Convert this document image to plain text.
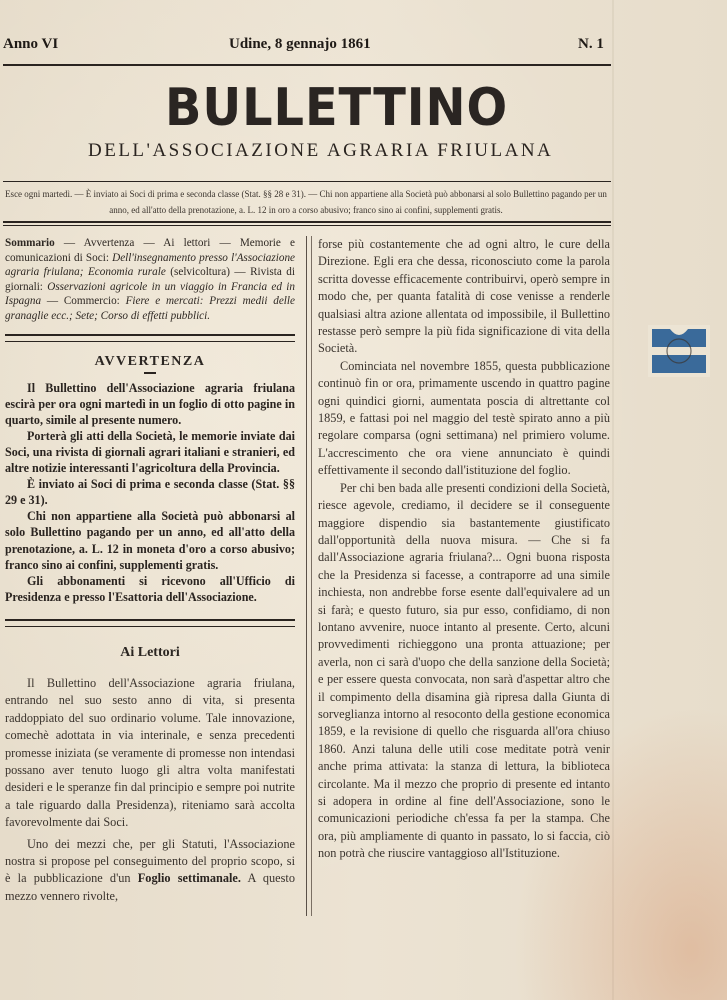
Anno VI	Udine, 8 gennajo 1861	N. 1
BULLETTINO
DELL'ASSOCIAZIONE AGRARIA FRIULANA
Esce ogni martedì. — È inviato ai Soci di prima e seconda classe (Stat. §§ 28 e 31). — Chi non appartiene alla Società può abbonarsi al solo Bullettino pagando per un anno, ed all'atto della prenotazione, a. L. 12 in oro a corso abusivo; franco sino ai confini, supplementi gratis.

Sommario — Avvertenza — Ai lettori — Memorie e comunicazioni di Soci: Dell'insegnamento presso l'Associazione agraria friulana; Economia rurale (selvicoltura) — Rivista di giornali: Osservazioni agricole in un viaggio in Francia ed in Ispagna — Commercio: Fiere e mercati: Prezzi medii delle granaglie ecc.; Sete; Corso di effetti pubblici.

AVVERTENZA

Il Bullettino dell'Associazione agraria friulana escirà per ora ogni martedì in un foglio di otto pagine in quarto, simile al presente numero.

Porterà gli atti della Società, le memorie inviate dai Soci, una rivista di giornali agrari italiani e stranieri, ed altre notizie interessanti l'agricoltura della Provincia.

È inviato ai Soci di prima e seconda classe (Stat. §§ 29 e 31).

Chi non appartiene alla Società può abbonarsi al solo Bullettino pagando per un anno, ed all'atto della prenotazione, a. L. 12 in moneta d'oro a corso abusivo; franco sino ai confini, supplementi gratis.

Gli abbonamenti si ricevono all'Ufficio di Presidenza e presso l'Esattoria dell'Associazione.

Ai Lettori

Il Bullettino dell'Associazione agraria friulana, entrando nel suo sesto anno di vita, si presenta raddoppiato del suo ordinario volume. Tale innovazione, comechè adottata in via interinale, e senza precedenti promesse iniziata (se veramente di promesse non intendasi possano aver tenuto luogo gli altra volta manifestati desideri e le speranze fin dal principio e sempre poi nutrite a tale riguardo dalla Presidenza), riteniamo sarà accolta favorevolmente dai Soci.

Uno dei mezzi che, per gli Statuti, l'Associazione nostra si propose pel conseguimento del proprio scopo, si è la pubblicazione d'un Foglio settimanale. A questo mezzo vennero rivolte,

forse più costantemente che ad ogni altro, le cure della Direzione. Egli era che dessa, riconosciuto come la parola scritta dovesse efficacemente contribuirvi, operò sempre in modo che, per quanta fatalità di cose venisse a renderle qualsiasi altra azione allentata od impossibile, il Bullettino restasse però sempre la più fida significazione di vita della Società.

Cominciata nel novembre 1855, questa pubblicazione continuò fin or ora, primamente uscendo in quattro pagine ogni quindici giorni, aumentata poscia di altrettante col 1859, e fattasi poi nel maggio del testè spirato anno a più regolare comparsa (ogni settimana) nel primiero volume. L'accrescimento che ora viene annunciato è quindi effettivamente il secondo dall'istituzione del foglio.

Per chi ben bada alle presenti condizioni della Società, riesce agevole, crediamo, il decidere se il conseguente maggiore dispendio sia bastantemente giustificato dall'opportunità della nuova misura. — Che si fa dall'Associazione agraria friulana?... Ogni buona risposta che la Presidenza si facesse, a contraporre ad una simile inchiesta, non andrebbe forse esente dall'equivalere ad un si farà; e questo futuro, sia pur esso, confidiamo, di non lontano avvenire, nuoce intanto al presente. Certo, alcuni provvedimenti richieggono una pronta attuazione; per averla, non ci sarà d'uopo che della sanzione della Società; e per essere questa convocata, non sarà d'aspettar altro che il compimento della disamina già ripresa dalla Giunta di sorveglianza intorno al resoconto della gestione economica 1859, e la revisione di quello che risguarda all'ora chiuso 1860. Anzi taluna delle utili cose meditate potrà venir anche prima attivata: la stanza di lettura, la biblioteca circolante. Ma il mezzo che proprio di presente ed intanto si adopera in ordine al fine dell'Associazione, sono le comunicazioni periodiche ch'essa fa per la stampa. Che ora, più ampliamente di quanto in passato, lo si faccia, ciò non potrà che riuscire vantaggioso all'Istituzione.
